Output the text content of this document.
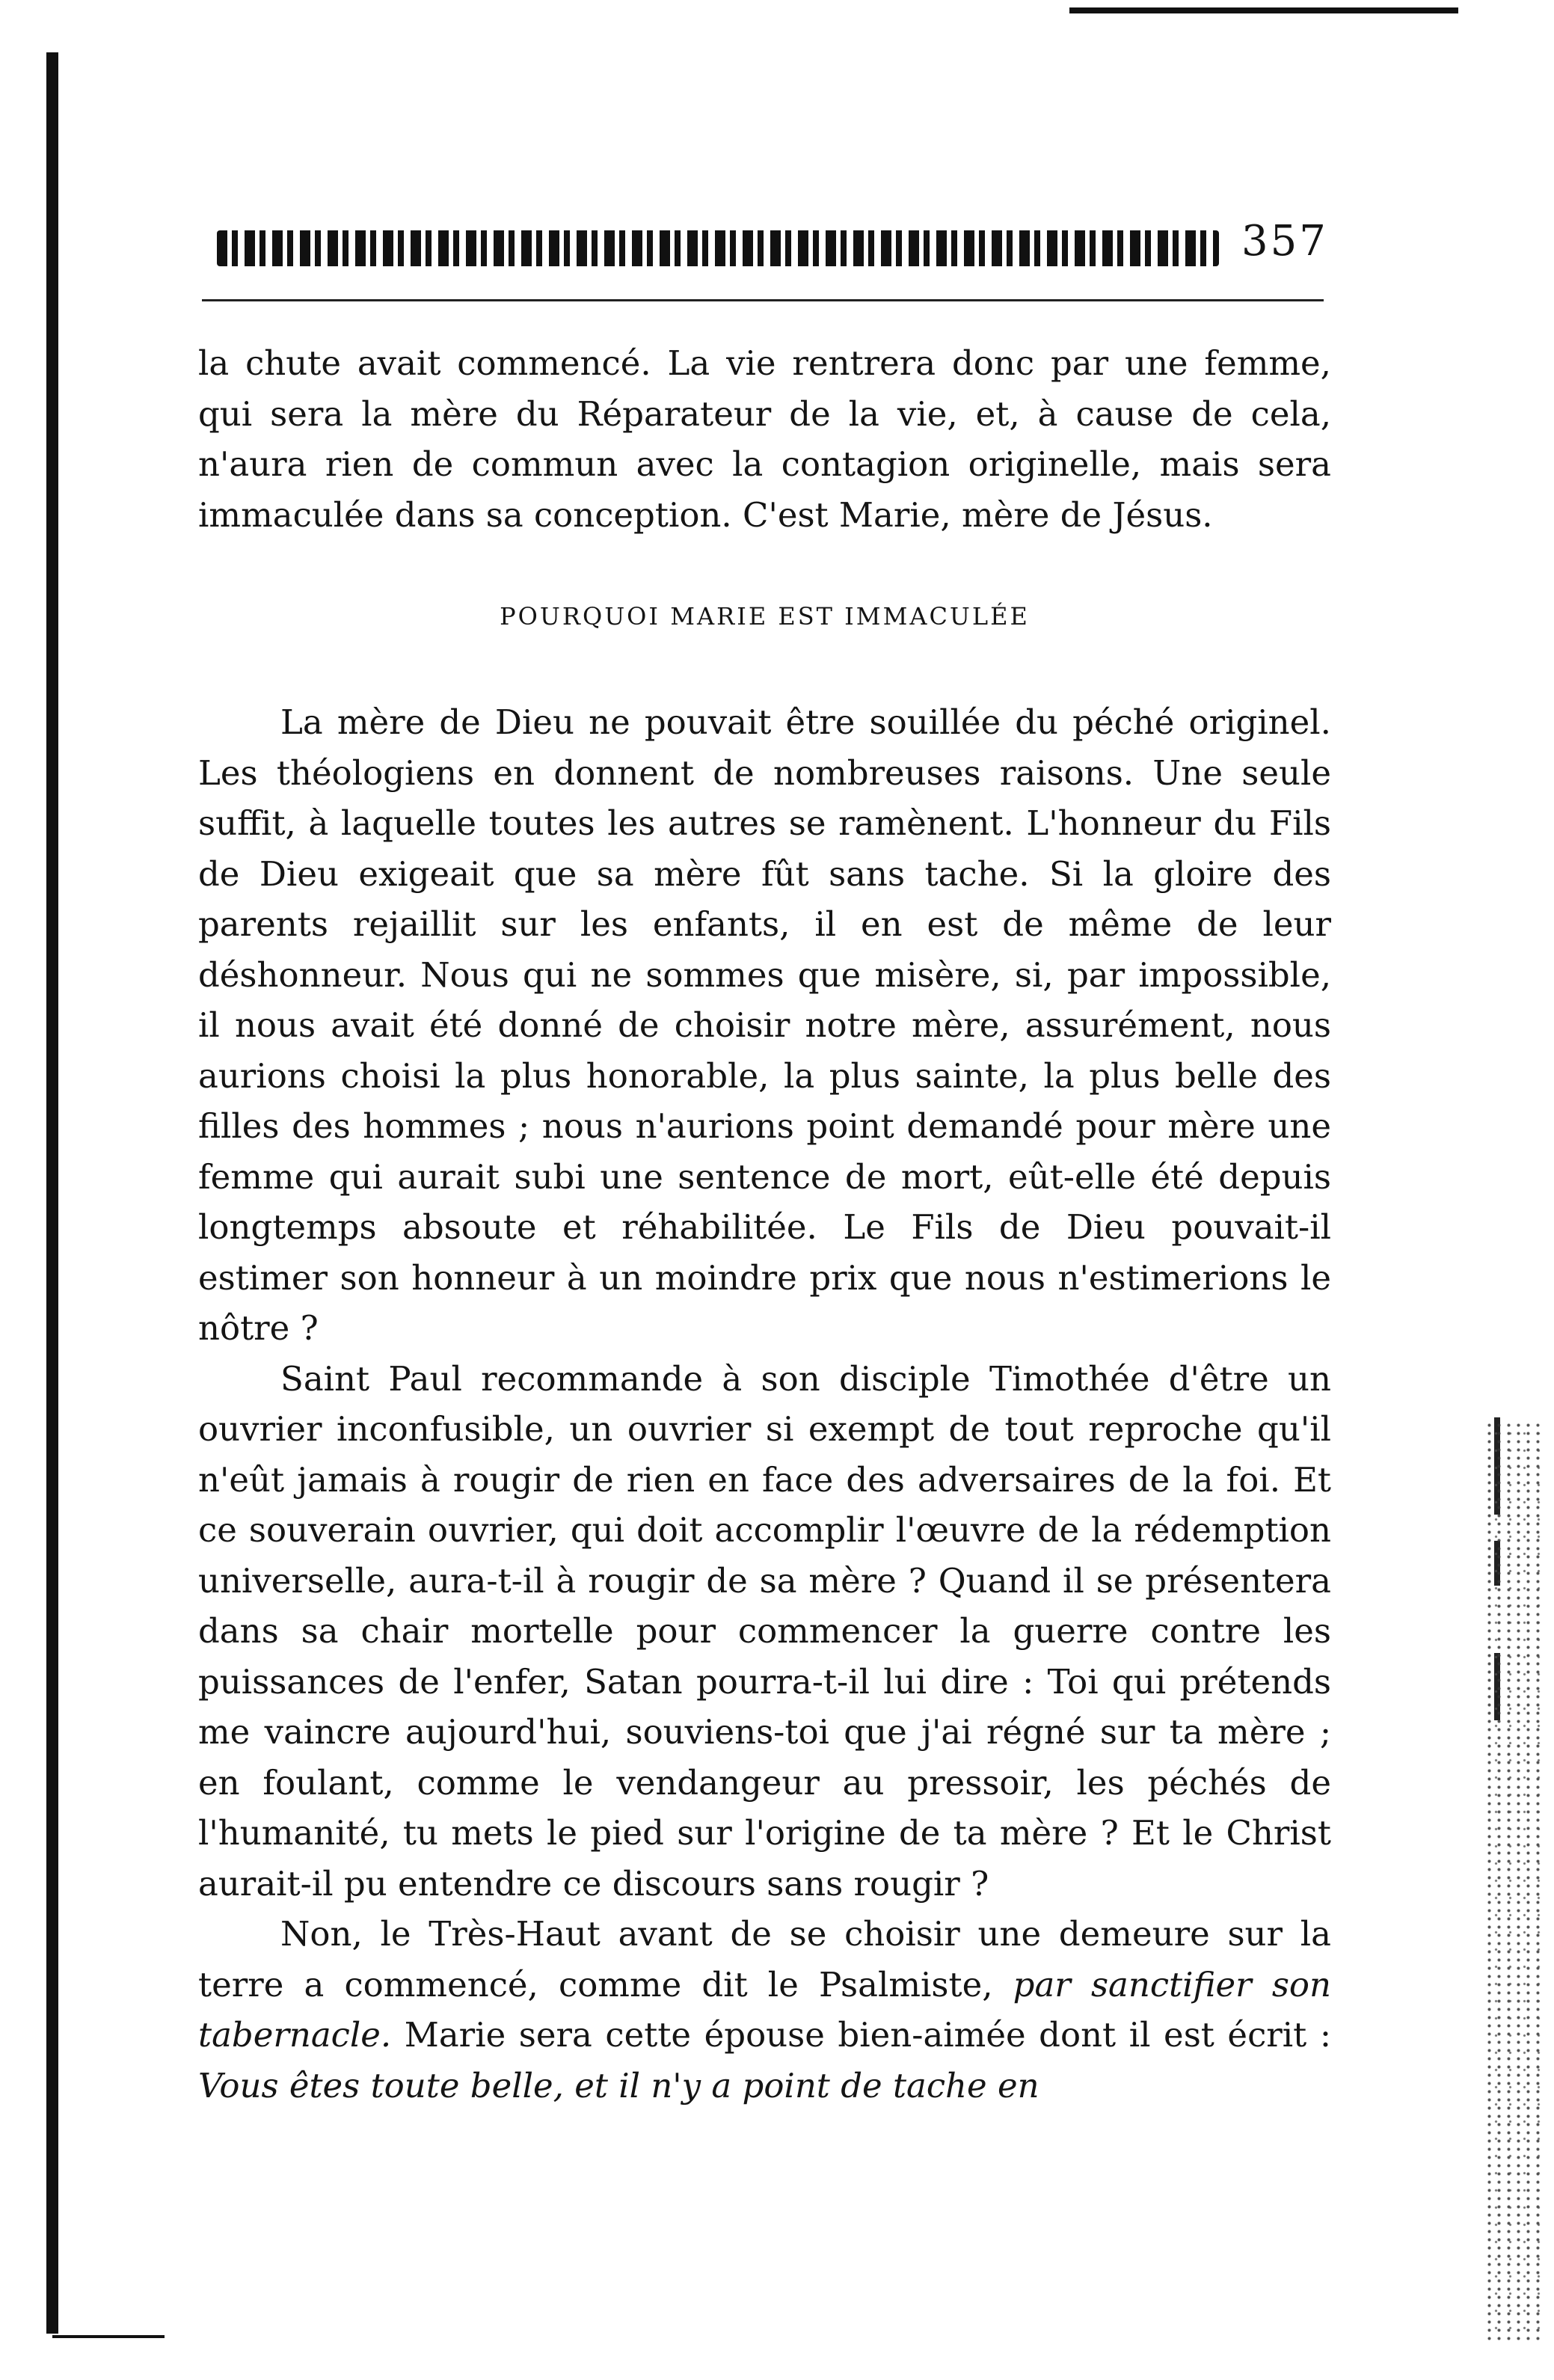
357

la chute avait commencé. La vie rentrera donc par une femme, qui sera la mère du Réparateur de la vie, et, à cause de cela, n'aura rien de commun avec la contagion originelle, mais sera immaculée dans sa conception. C'est Marie, mère de Jésus.

POURQUOI MARIE EST IMMACULÉE

La mère de Dieu ne pouvait être souillée du péché originel. Les théologiens en donnent de nombreuses raisons. Une seule suffit, à laquelle toutes les autres se ramènent. L'honneur du Fils de Dieu exigeait que sa mère fût sans tache. Si la gloire des parents rejaillit sur les enfants, il en est de même de leur déshonneur. Nous qui ne sommes que misère, si, par impossible, il nous avait été donné de choisir notre mère, assurément, nous aurions choisi la plus honorable, la plus sainte, la plus belle des filles des hommes ; nous n'aurions point demandé pour mère une femme qui aurait subi une sentence de mort, eût-elle été depuis longtemps absoute et réhabilitée. Le Fils de Dieu pouvait-il estimer son honneur à un moindre prix que nous n'estimerions le nôtre ?

Saint Paul recommande à son disciple Timothée d'être un ouvrier inconfusible, un ouvrier si exempt de tout reproche qu'il n'eût jamais à rougir de rien en face des adversaires de la foi. Et ce souverain ouvrier, qui doit accomplir l'œuvre de la rédemption universelle, aura-t-il à rougir de sa mère ? Quand il se présentera dans sa chair mortelle pour commencer la guerre contre les puissances de l'enfer, Satan pourra-t-il lui dire : Toi qui prétends me vaincre aujourd'hui, souviens-toi que j'ai régné sur ta mère ; en foulant, comme le vendangeur au pressoir, les péchés de l'humanité, tu mets le pied sur l'origine de ta mère ? Et le Christ aurait-il pu entendre ce discours sans rougir ?

Non, le Très-Haut avant de se choisir une demeure sur la terre a commencé, comme dit le Psalmiste, par sanctifier son tabernacle. Marie sera cette épouse bien-aimée dont il est écrit : Vous êtes toute belle, et il n'y a point de tache en
